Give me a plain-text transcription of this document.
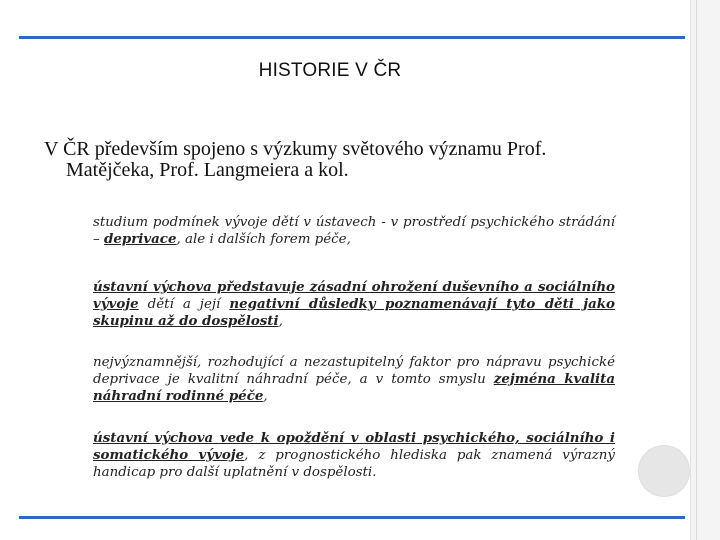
HISTORIE V ČR
V ČR především spojeno s výzkumy světového významu Prof.
Matějčeka, Prof. Langmeiera a kol.
studium podmínek vývoje dětí v ústavech - v prostředí psychického strádání – deprivace, ale i dalších forem péče,
ústavní výchova představuje zásadní ohrožení duševního a sociálního vývoje dětí a její negativní důsledky poznamenávají tyto děti jako skupinu až do dospělosti,
nejvýznamnější, rozhodující a nezastupitelný faktor pro nápravu psychické deprivace je kvalitní náhradní péče, a v tomto smyslu zejména kvalita náhradní rodinné péče,
ústavní výchova vede k opoždění v oblasti psychického, sociálního i somatického vývoje, z prognostického hlediska pak znamená výrazný handicap pro další uplatnění v dospělosti.
